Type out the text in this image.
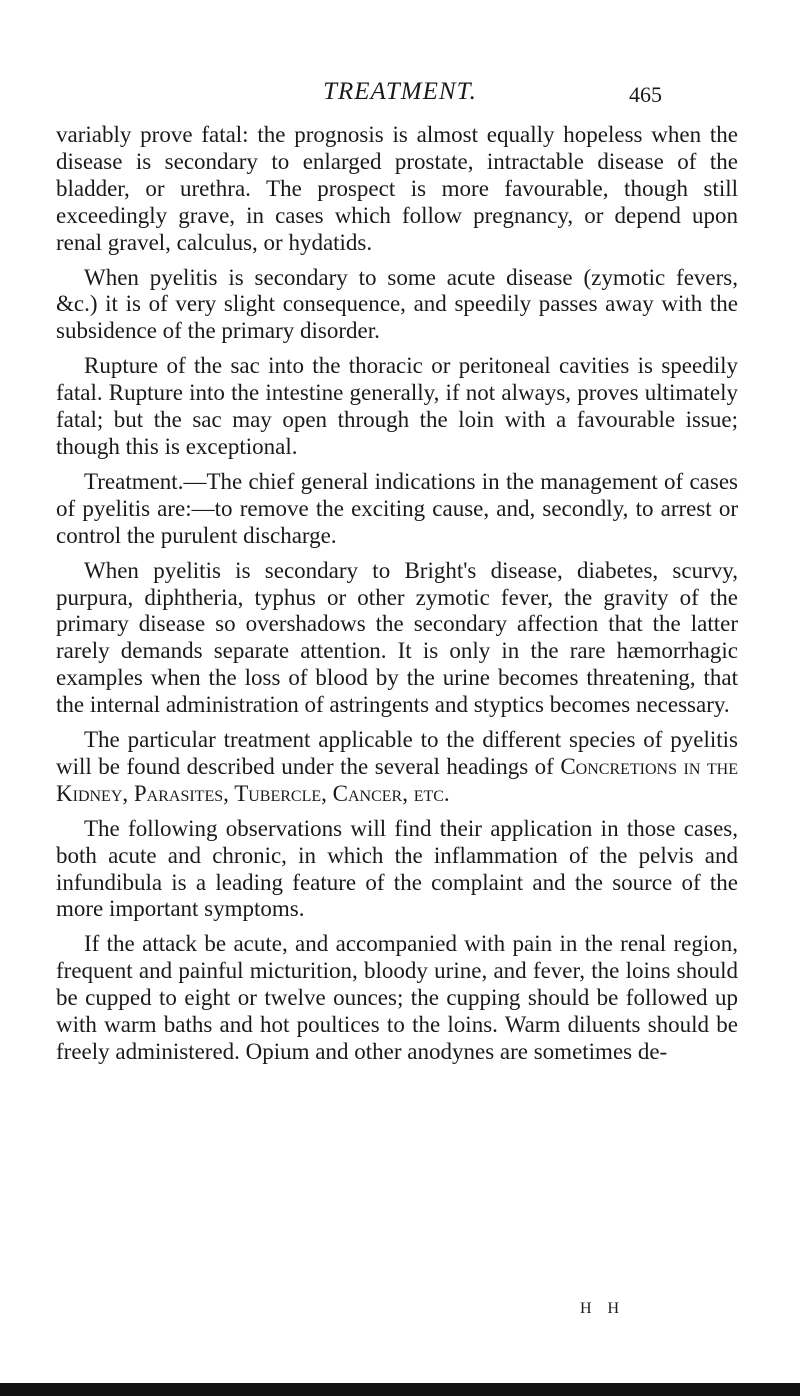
TREATMENT.	465

variably prove fatal: the prognosis is almost equally hopeless when the disease is secondary to enlarged prostate, intractable disease of the bladder, or urethra. The prospect is more favourable, though still exceedingly grave, in cases which follow pregnancy, or depend upon renal gravel, calculus, or hydatids.

When pyelitis is secondary to some acute disease (zymotic fevers, &c.) it is of very slight consequence, and speedily passes away with the subsidence of the primary disorder.

Rupture of the sac into the thoracic or peritoneal cavities is speedily fatal. Rupture into the intestine generally, if not always, proves ultimately fatal; but the sac may open through the loin with a favourable issue; though this is exceptional.

Treatment.—The chief general indications in the management of cases of pyelitis are:—to remove the exciting cause, and, secondly, to arrest or control the purulent discharge.

When pyelitis is secondary to Bright's disease, diabetes, scurvy, purpura, diphtheria, typhus or other zymotic fever, the gravity of the primary disease so overshadows the secondary affection that the latter rarely demands separate attention. It is only in the rare hæmorrhagic examples when the loss of blood by the urine becomes threatening, that the internal administration of astringents and styptics becomes necessary.

The particular treatment applicable to the different species of pyelitis will be found described under the several headings of Concretions in the Kidney, Parasites, Tubercle, Cancer, etc.

The following observations will find their application in those cases, both acute and chronic, in which the inflammation of the pelvis and infundibula is a leading feature of the complaint and the source of the more important symptoms.

If the attack be acute, and accompanied with pain in the renal region, frequent and painful micturition, bloody urine, and fever, the loins should be cupped to eight or twelve ounces; the cupping should be followed up with warm baths and hot poultices to the loins. Warm diluents should be freely administered. Opium and other anodynes are sometimes de-

H H
